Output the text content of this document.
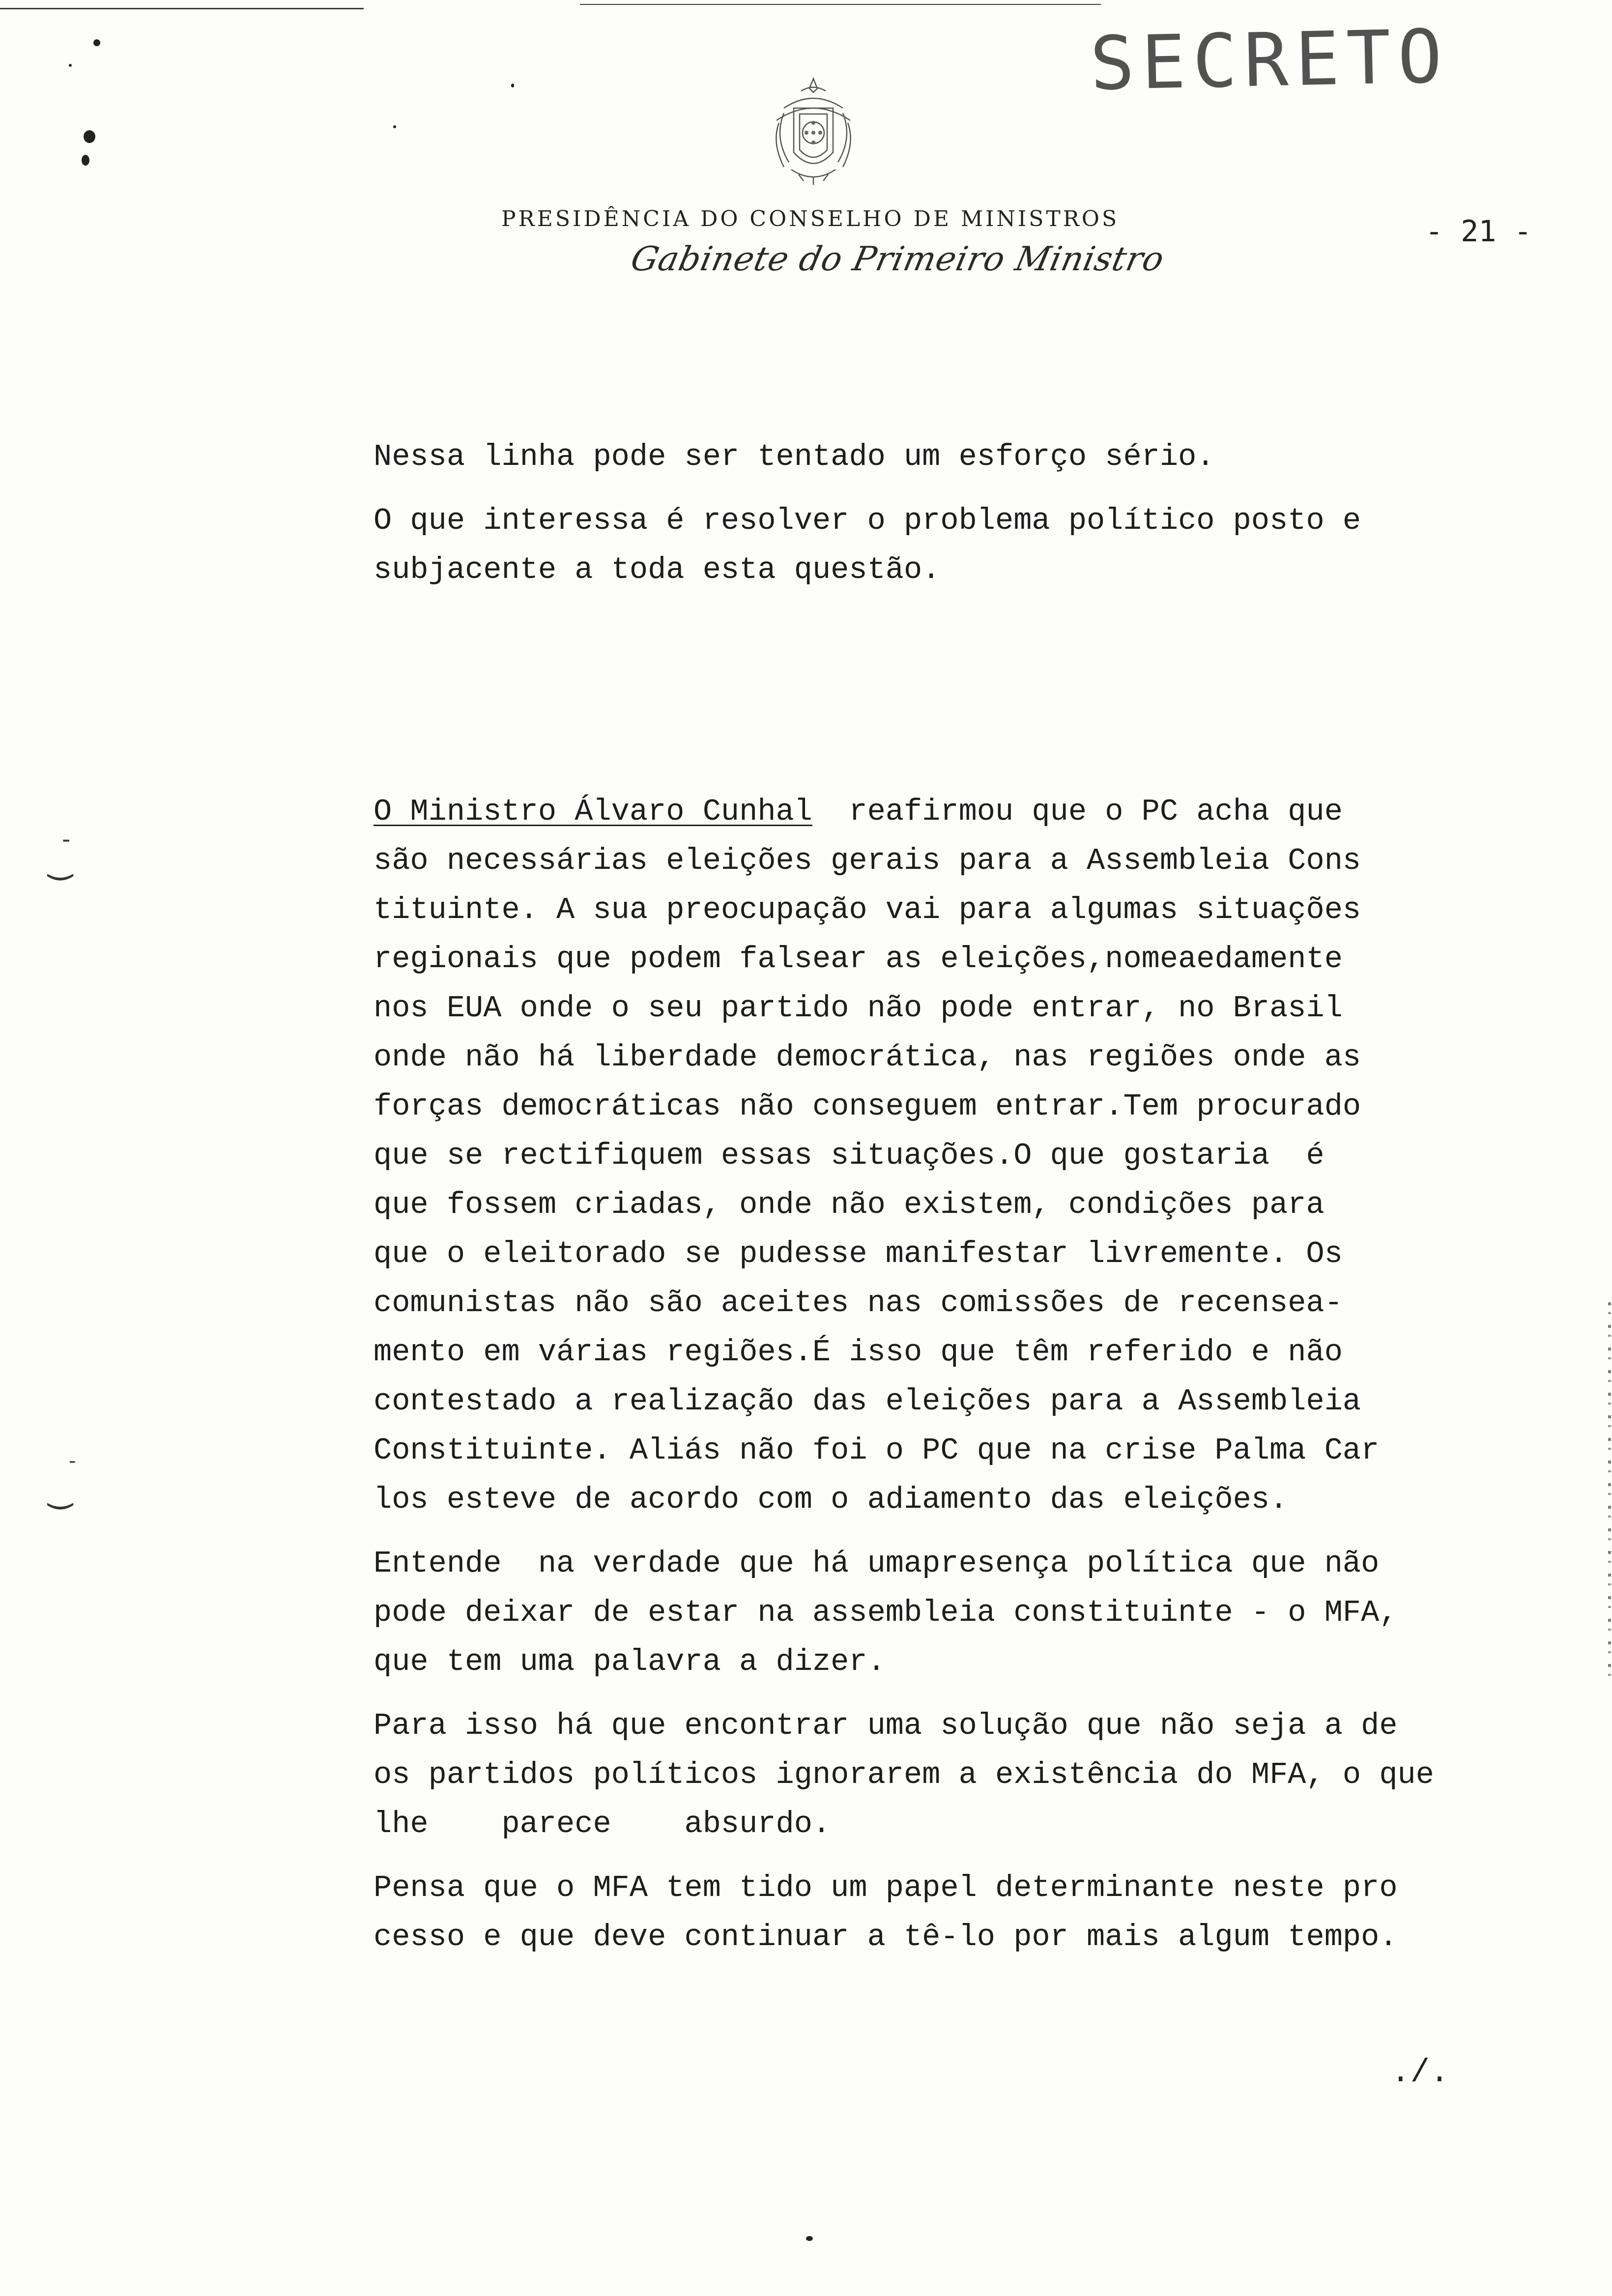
-
(
-
(
SECRETO
PRESIDÊNCIA DO CONSELHO DE MINISTROS
Gabinete do Primeiro Ministro
- 21 -

Nessa linha pode ser tentado um esforço sério.

O que interessa é resolver o problema político posto e
subjacente a toda esta questão.

O Ministro Álvaro Cunhal  reafirmou que o PC acha que
são necessárias eleições gerais para a Assembleia Cons
tituinte. A sua preocupação vai para algumas situações
regionais que podem falsear as eleições,nomeaedamente
nos EUA onde o seu partido não pode entrar, no Brasil
onde não há liberdade democrática, nas regiões onde as
forças democráticas não conseguem entrar.Tem procurado
que se rectifiquem essas situações.O que gostaria  é
que fossem criadas, onde não existem, condições para
que o eleitorado se pudesse manifestar livremente. Os
comunistas não são aceites nas comissões de recensea-
mento em várias regiões.É isso que têm referido e não
contestado a realização das eleições para a Assembleia
Constituinte. Aliás não foi o PC que na crise Palma Car
los esteve de acordo com o adiamento das eleições.

Entende  na verdade que há umapresença política que não
pode deixar de estar na assembleia constituinte - o MFA,
que tem uma palavra a dizer.

Para isso há que encontrar uma solução que não seja a de
os partidos políticos ignorarem a existência do MFA, o que
lhe    parece    absurdo.

Pensa que o MFA tem tido um papel determinante neste pro
cesso e que deve continuar a tê-lo por mais algum tempo.

./.
